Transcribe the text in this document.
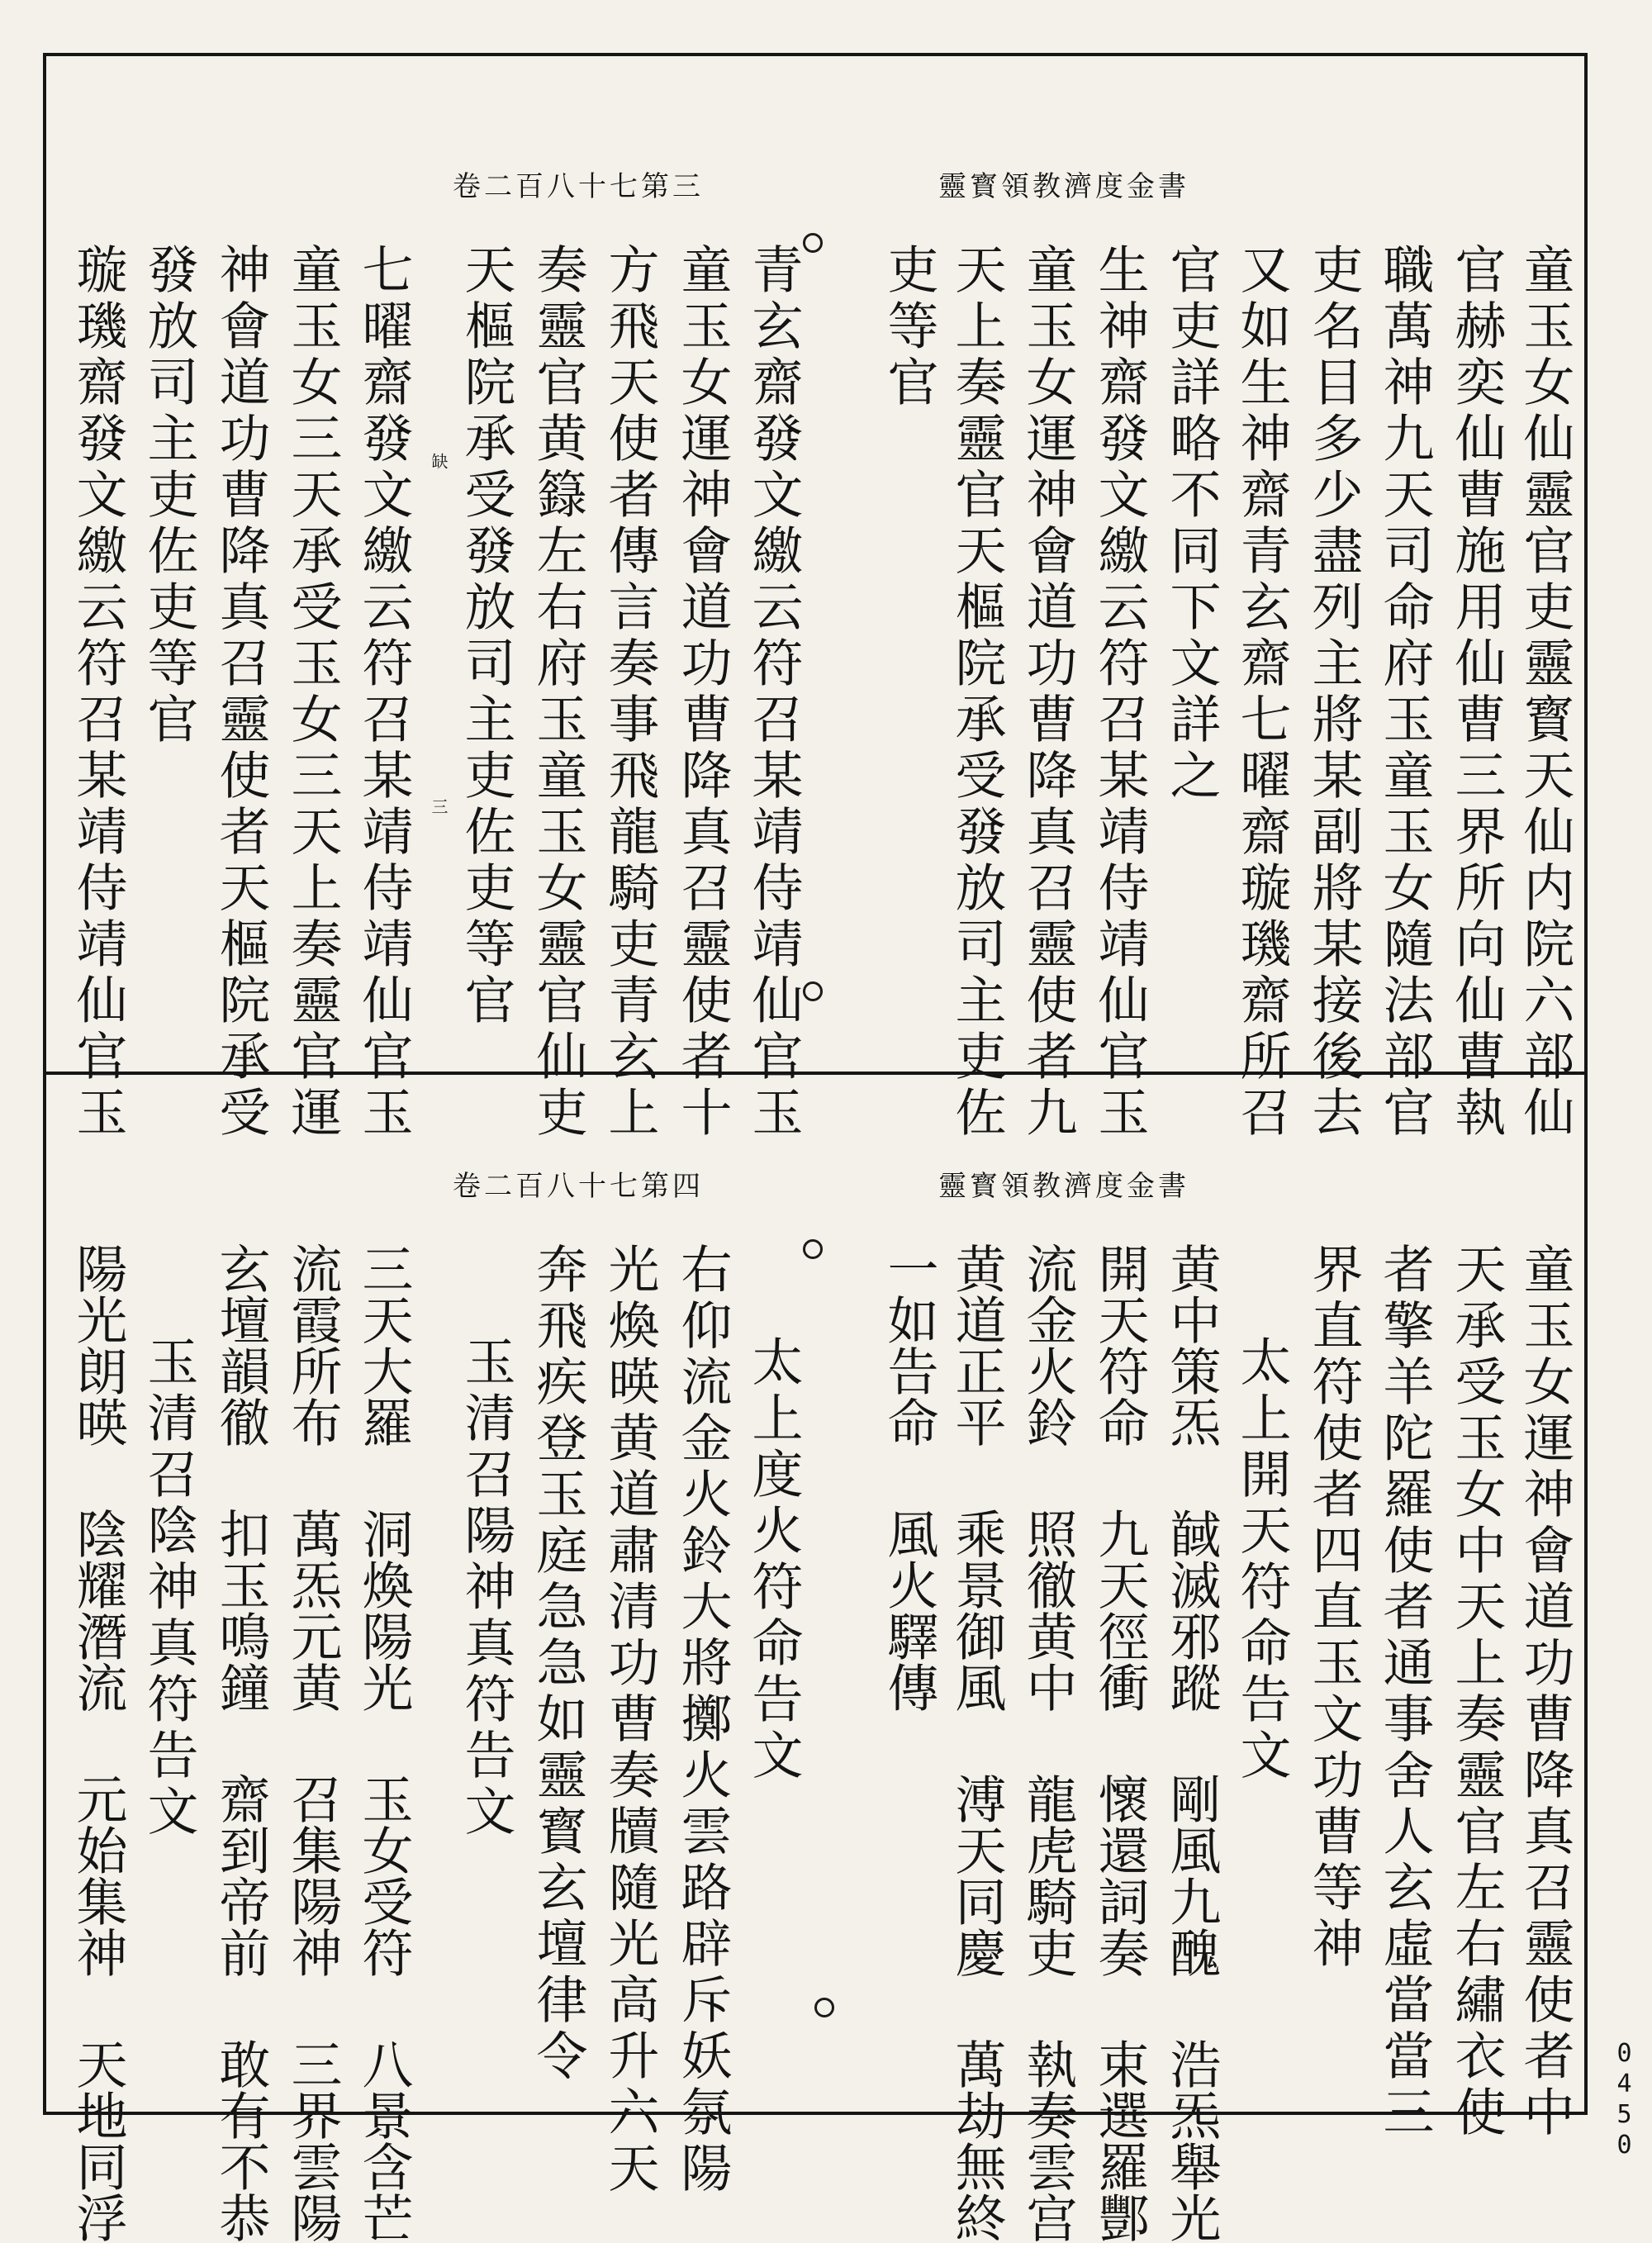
靈寳領教濟度金書
卷二百八十七第三
童玉女仙靈官吏靈寳天仙内院六部仙
官赫奕仙曹施用仙曹三界所向仙曹執
職萬神九天司命府玉童玉女隨法部官
吏名目多少盡列主將某副將某接後去
又如生神齋青玄齋七曜齋璇璣齋所召
官吏詳略不同下文詳之
生神齋發文繳云符召某靖侍靖仙官玉
童玉女運神會道功曹降真召靈使者九
天上奏靈官天樞院承受發放司主吏佐
吏等官
青玄齋發文繳云符召某靖侍靖仙官玉
童玉女運神會道功曹降真召靈使者十
方飛天使者傳言奏事飛龍騎吏青玄上
奏靈官黄籙左右府玉童玉女靈官仙吏
天樞院承受發放司主吏佐吏等官
七曜齋發文繳云符召某靖侍靖仙官玉
童玉女三天承受玉女三天上奏靈官運
神會道功曹降真召靈使者天樞院承受
發放司主吏佐吏等官
璇璣齋發文繳云符召某靖侍靖仙官玉	缺
三
靈寳領教濟度金書
卷二百八十七第四
童玉女運神會道功曹降真召靈使者中
天承受玉女中天上奏靈官左右繡衣使
者擎羊陀羅使者通事舍人玄虛當當三
界直符使者四直玉文功曹等神
太上開天符命告文
黄中策炁 馘滅邪蹤 剛風九醜 浩炁舉光
開天符命 九天徑衝 懷還詞奏 束選羅酆
流金火鈴 照徹黄中 龍虎騎吏 執奏雲宫
黄道正平 乘景御風 溥天同慶 萬劫無終
一如告命 風火驛傳
太上度火符命告文
右仰流金火鈴大將擲火雲路辟斥妖氛陽
光煥暎黄道肅清功曹奏牘隨光高升六天
奔飛疾登玉庭急急如靈寳玄壇律令
玉清召陽神真符告文
三天大羅 洞煥陽光 玉女受符 八景含芒
流霞所布 萬炁元黄 召集陽神 三界雲陽
玄壇韻徹 扣玉鳴鐘 齋到帝前 敢有不恭
玉清召陰神真符告文
陽光朗暎 陰耀潛流 元始集神 天地同浮	0450
